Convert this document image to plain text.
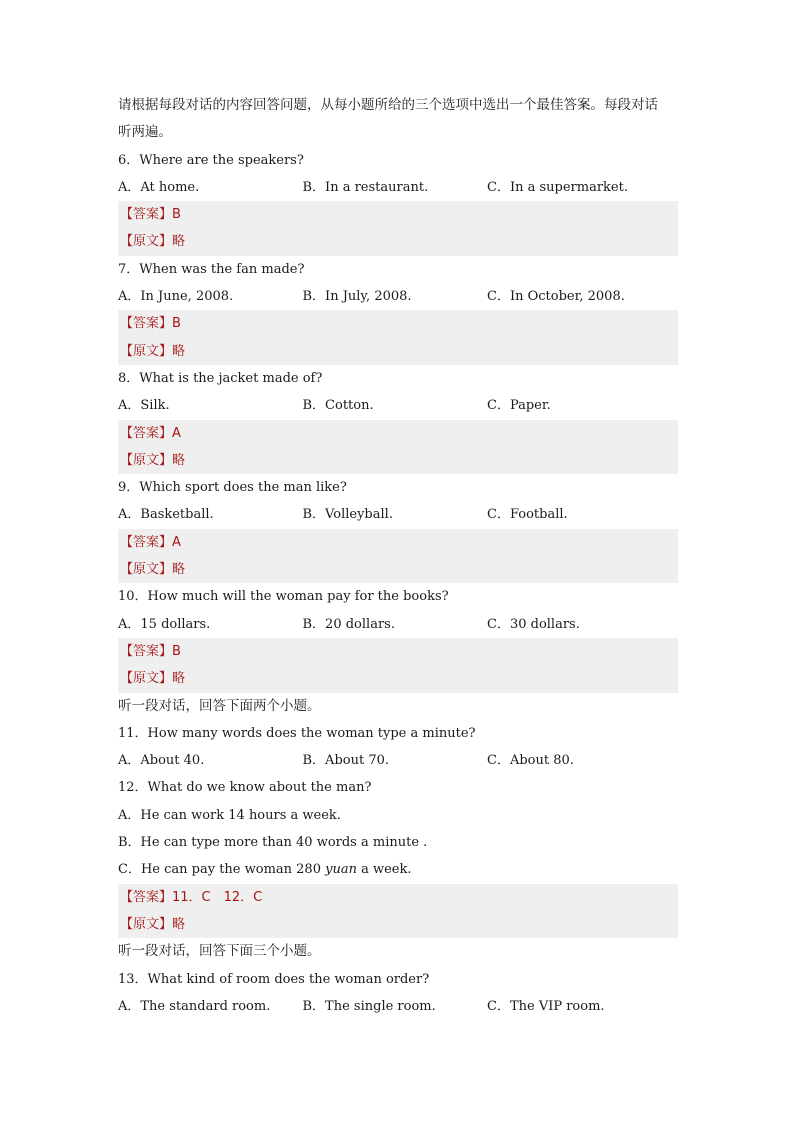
请根据每段对话的内容回答问题，从每小题所给的三个选项中选出一个最佳答案。每段对话
听两遍。
6．Where are the speakers?
A．At home.	B．In a restaurant.	C．In a supermarket.
【答案】B
【原文】略
7．When was the fan made?
A．In June, 2008.	B．In July, 2008.	C．In October, 2008.
【答案】B
【原文】略
8．What is the jacket made of?
A．Silk.	B．Cotton.	C．Paper.
【答案】A
【原文】略
9．Which sport does the man like?
A．Basketball.	B．Volleyball.	C．Football.
【答案】A
【原文】略
10．How much will the woman pay for the books?
A．15 dollars.	B．20 dollars.	C．30 dollars.
【答案】B
【原文】略
听一段对话，回答下面两个小题。
11．How many words does the woman type a minute?
A．About 40.	B．About 70.	C．About 80.
12．What do we know about the man?
A．He can work 14 hours a week.
B．He can type more than 40 words a minute .
C．He can pay the woman 280 yuan a week.
【答案】11．C　12．C
【原文】略
听一段对话，回答下面三个小题。
13．What kind of room does the woman order?
A．The standard room.	B．The single room.	C．The VIP room.
